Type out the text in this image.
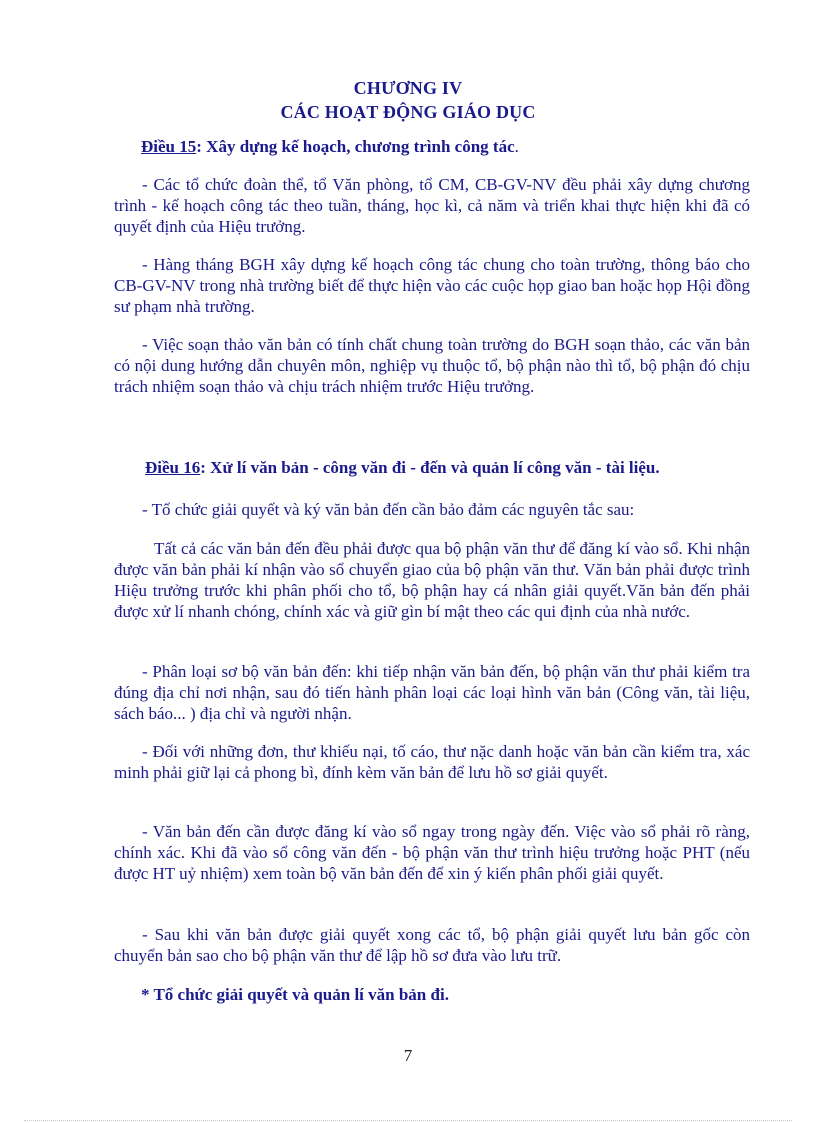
CHƯƠNG IV
CÁC HOẠT ĐỘNG GIÁO DỤC
Điều 15: Xây dựng kế hoạch, chương trình công tác.
- Các tổ chức đoàn thể, tổ Văn phòng, tổ CM, CB-GV-NV đều phải xây dựng chương trình - kế hoạch công tác theo tuần, tháng, học kì, cả năm và triển khai thực hiện khi đã có quyết định của Hiệu trưởng.
- Hàng tháng BGH xây dựng kế hoạch công tác chung cho toàn trường, thông báo cho CB-GV-NV trong nhà trường biết để thực hiện vào các cuộc họp giao ban hoặc họp Hội đồng sư phạm nhà trường.
- Việc soạn thảo văn bản có tính chất chung toàn trường do BGH soạn thảo, các văn bản có nội dung hướng dẫn chuyên môn, nghiệp vụ thuộc tổ, bộ phận nào thì tổ, bộ phận đó chịu trách nhiệm soạn thảo và chịu trách nhiệm trước Hiệu trưởng.
Điều 16: Xử lí văn bản - công văn đi - đến và quản lí công văn - tài liệu.
- Tổ chức giải quyết và ký văn bản đến cần bảo đảm các nguyên tắc sau:
Tất cả các văn bản đến đều phải được qua bộ phận văn thư để đăng kí vào sổ. Khi nhận được văn bản phải kí nhận vào sổ chuyển giao của bộ phận văn thư. Văn bản phải được trình Hiệu trưởng trước khi phân phối cho tổ, bộ phận hay cá nhân giải quyết.Văn bản đến phải được xử lí nhanh chóng, chính xác và giữ gìn bí mật theo các qui định của nhà nước.
- Phân loại sơ bộ văn bản đến: khi tiếp nhận văn bản đến, bộ phận văn thư phải kiểm tra đúng địa chỉ nơi nhận, sau đó tiến hành phân loại các loại hình văn bản (Công văn, tài liệu, sách báo... ) địa chỉ và người nhận.
- Đối với những đơn, thư khiếu nại, tố cáo, thư nặc danh hoặc văn bản cần kiểm tra, xác minh phải giữ lại cả phong bì, đính kèm văn bản để lưu hồ sơ giải quyết.
- Văn bản đến cần được đăng kí vào sổ ngay trong ngày đến. Việc vào sổ phải rõ ràng, chính xác. Khi đã vào sổ công văn đến - bộ phận văn thư trình hiệu trưởng hoặc PHT (nếu được HT uỷ nhiệm) xem toàn bộ văn bản đến để xin ý kiến phân phối giải quyết.
- Sau khi văn bản được giải quyết xong các tổ, bộ phận giải quyết lưu bản gốc còn chuyển bản sao cho bộ phận văn thư để lập hồ sơ đưa vào lưu trữ.
* Tổ chức giải quyết và quản lí văn bản đi.
7
